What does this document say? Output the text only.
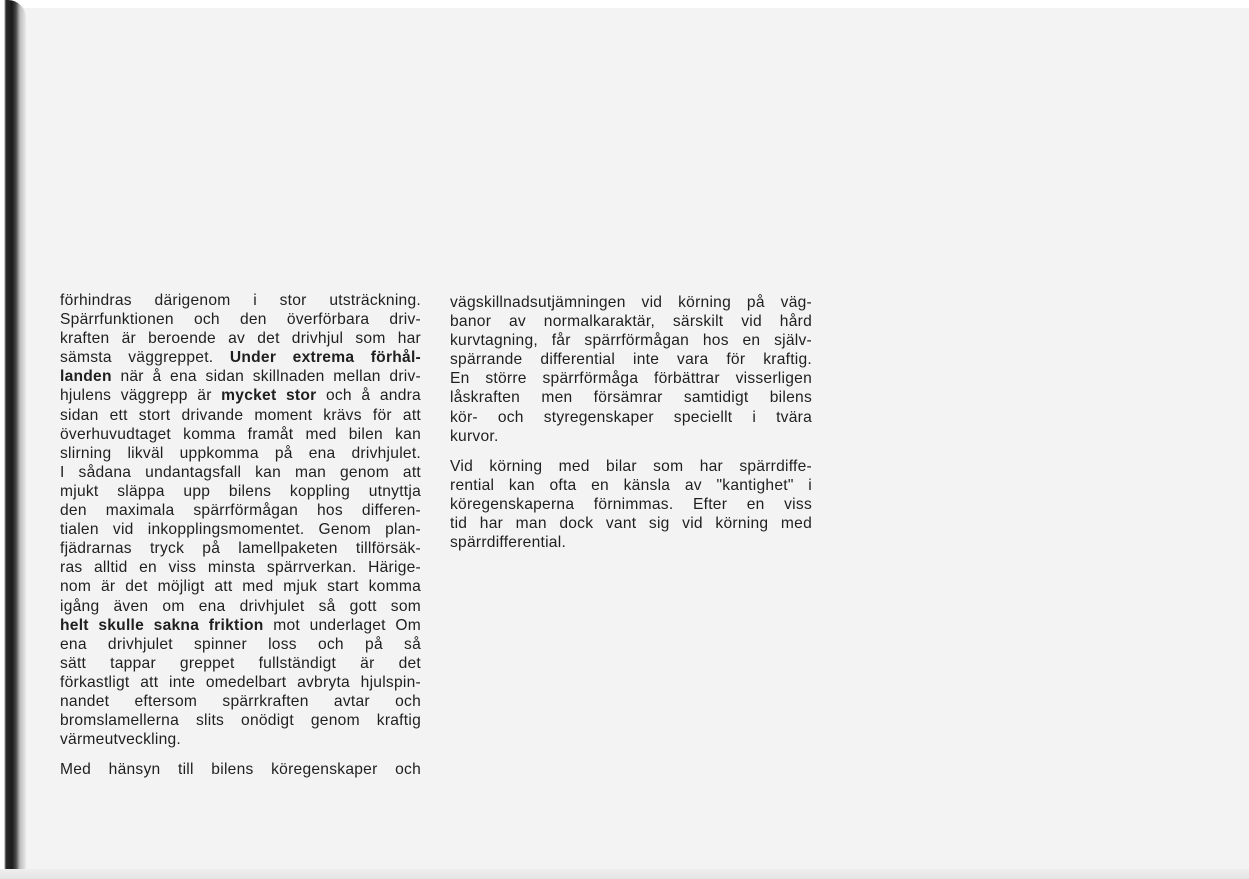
förhindras därigenom i stor utsträckning.
Spärrfunktionen och den överförbara driv-
kraften är beroende av det drivhjul som har
sämsta väggreppet. Under extrema förhål-
landen när å ena sidan skillnaden mellan driv-
hjulens väggrepp är mycket stor och å andra
sidan ett stort drivande moment krävs för att
överhuvudtaget komma framåt med bilen kan
slirning likväl uppkomma på ena drivhjulet.
I sådana undantagsfall kan man genom att
mjukt släppa upp bilens koppling utnyttja
den maximala spärrförmågan hos differen-
tialen vid inkopplingsmomentet. Genom plan-
fjädrarnas tryck på lamellpaketen tillförsäk-
ras alltid en viss minsta spärrverkan. Härige-
nom är det möjligt att med mjuk start komma
igång även om ena drivhjulet så gott som
helt skulle sakna friktion mot underlaget Om
ena drivhjulet spinner loss och på så
sätt tappar greppet fullständigt är det
förkastligt att inte omedelbart avbryta hjulspin-
nandet eftersom spärrkraften avtar och
bromslamellerna slits onödigt genom kraftig
värmeutveckling.

Med hänsyn till bilens köregenskaper och

vägskillnadsutjämningen vid körning på väg-
banor av normalkaraktär, särskilt vid hård
kurvtagning, får spärrförmågan hos en själv-
spärrande differential inte vara för kraftig.
En större spärrförmåga förbättrar visserligen
låskraften men försämrar samtidigt bilens
kör- och styregenskaper speciellt i tvära
kurvor.

Vid körning med bilar som har spärrdiffe-
rential kan ofta en känsla av "kantighet" i
köregenskaperna förnimmas. Efter en viss
tid har man dock vant sig vid körning med
spärrdifferential.
